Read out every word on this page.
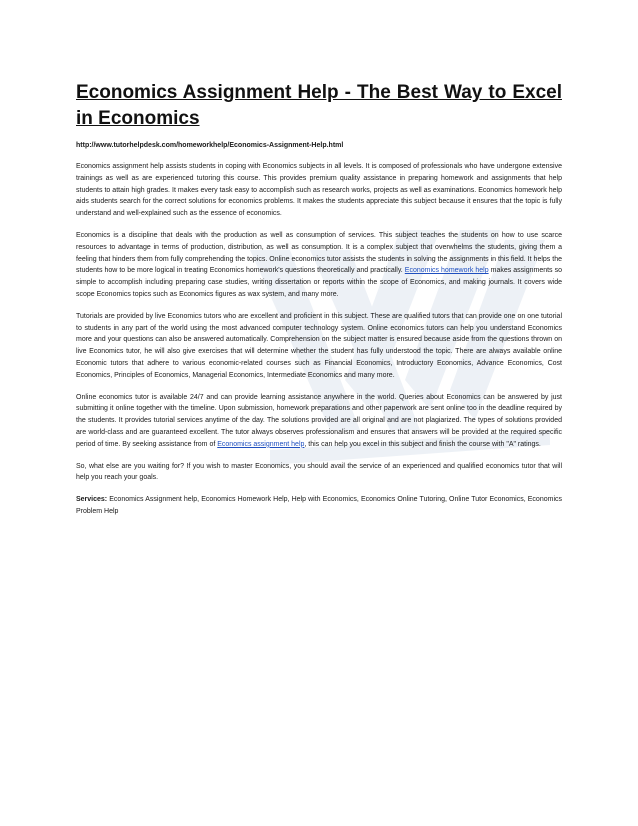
Economics Assignment Help - The Best Way to Excel in Economics
http://www.tutorhelpdesk.com/homeworkhelp/Economics-Assignment-Help.html

Economics assignment help assists students in coping with Economics subjects in all levels. It is composed of professionals who have undergone extensive trainings as well as are experienced tutoring this course. This provides premium quality assistance in preparing homework and assignments that help students to attain high grades. It makes every task easy to accomplish such as research works, projects as well as examinations. Economics homework help aids students search for the correct solutions for economics problems. It makes the students appreciate this subject because it ensures that the topic is fully understand and well-explained such as the essence of economics.

Economics is a discipline that deals with the production as well as consumption of services. This subject teaches the students on how to use scarce resources to advantage in terms of production, distribution, as well as consumption. It is a complex subject that overwhelms the students, giving them a feeling that hinders them from fully comprehending the topics. Online economics tutor assists the students in solving the assignments in this field. It helps the students how to be more logical in treating Economics homework's questions theoretically and practically. Economics homework help makes assignments so simple to accomplish including preparing case studies, writing dissertation or reports within the scope of Economics, and making journals. It covers wide scope Economics topics such as Economics figures as wax system, and many more.

Tutorials are provided by live Economics tutors who are excellent and proficient in this subject. These are qualified tutors that can provide one on one tutorial to students in any part of the world using the most advanced computer technology system. Online economics tutors can help you understand Economics more and your questions can also be answered automatically. Comprehension on the subject matter is ensured because aside from the questions thrown on live Economics tutor, he will also give exercises that will determine whether the student has fully understood the topic. There are always available online Economic tutors that adhere to various economic-related courses such as Financial Economics, Introductory Economics, Advance Economics, Cost Economics, Principles of Economics, Managerial Economics, Intermediate Economics and many more.

Online economics tutor is available 24/7 and can provide learning assistance anywhere in the world. Queries about Economics can be answered by just submitting it online together with the timeline. Upon submission, homework preparations and other paperwork are sent online too in the deadline required by the students. It provides tutorial services anytime of the day. The solutions provided are all original and are not plagiarized. The types of solutions provided are world-class and are guaranteed excellent. The tutor always observes professionalism and ensures that answers will be provided at the required specific period of time. By seeking assistance from of Economics assignment help, this can help you excel in this subject and finish the course with "A" ratings.

So, what else are you waiting for? If you wish to master Economics, you should avail the service of an experienced and qualified economics tutor that will help you reach your goals.

Services: Economics Assignment help, Economics Homework Help, Help with Economics, Economics Online Tutoring, Online Tutor Economics, Economics Problem Help
